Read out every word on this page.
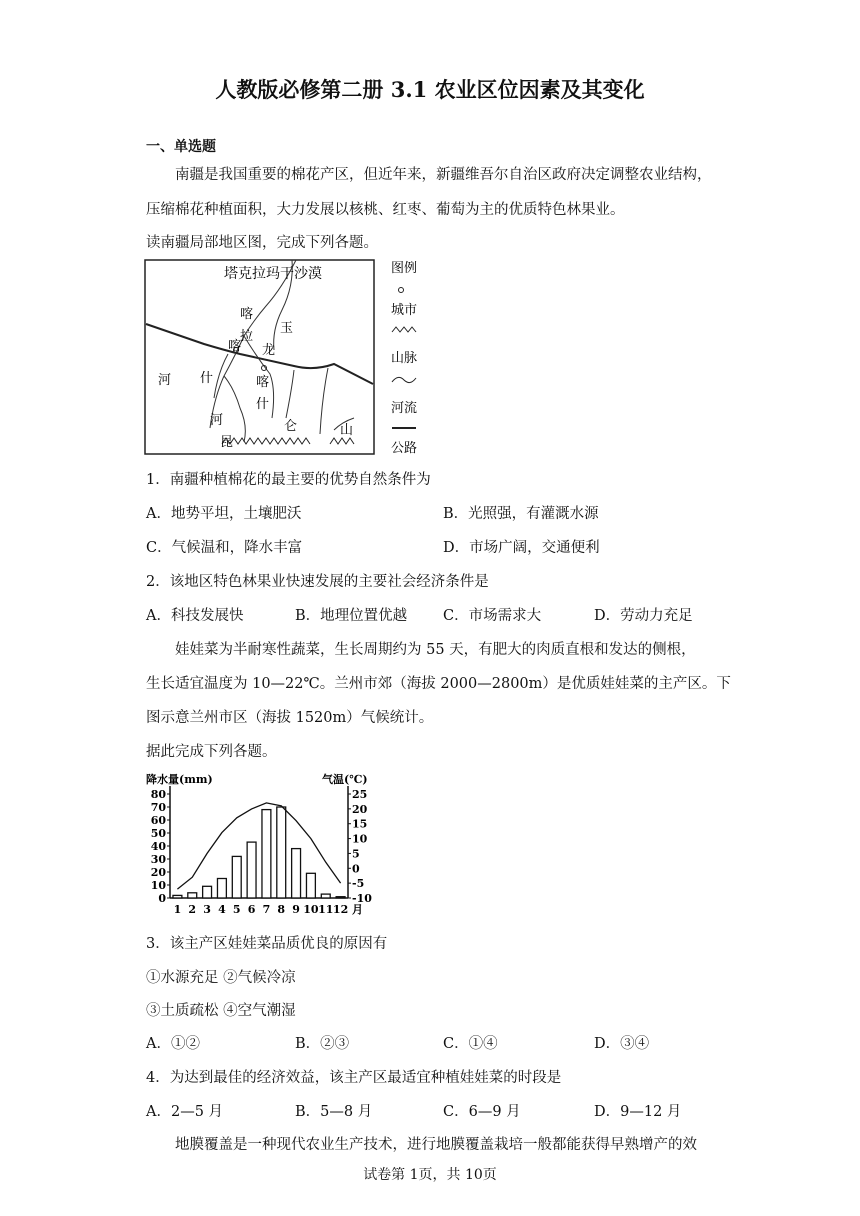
人教版必修第二册 3.1 农业区位因素及其变化
一、单选题
南疆是我国重要的棉花产区，但近年来，新疆维吾尔自治区政府决定调整农业结构，
压缩棉花种植面积，大力发展以核桃、红枣、葡萄为主的优质特色林果业。
读南疆局部地区图，完成下列各题。
塔克拉玛干沙漠
喀
拉
喀
玉
龙
喀
什
河 什
河
昆
仑	山
图例
城市
山脉
河流
公路
1．南疆种植棉花的最主要的优势自然条件为
A．地势平坦，土壤肥沃	B．光照强，有灌溉水源
C．气候温和，降水丰富	D．市场广阔，交通便利
2．该地区特色林果业快速发展的主要社会经济条件是
A．科技发展快	B．地理位置优越 C．市场需求大	D．劳动力充足
娃娃菜为半耐寒性蔬菜，生长周期约为 55 天，有肥大的肉质直根和发达的侧根，
生长适宜温度为 10—22℃。兰州市郊（海拔 2000—2800m）是优质娃娃菜的主产区。下
图示意兰州市区（海拔 1520m）气候统计。
据此完成下列各题。
降水量(mm)	气温(℃)
80
70
60
50
40
30
20
10
0
25
20
15
10
5
0
-5
-10
1 2 3 4 5 6 7 8 9 10 11 12 月
3．该主产区娃娃菜品质优良的原因有
①水源充足 ②气候冷凉
③土质疏松 ④空气潮湿
A．①②	B．②③	C．①④	D．③④
4．为达到最佳的经济效益，该主产区最适宜种植娃娃菜的时段是
A．2—5 月	B．5—8 月	C．6—9 月	D．9—12 月
地膜覆盖是一种现代农业生产技术，进行地膜覆盖栽培一般都能获得早熟增产的效
试卷第 1页，共 10页
